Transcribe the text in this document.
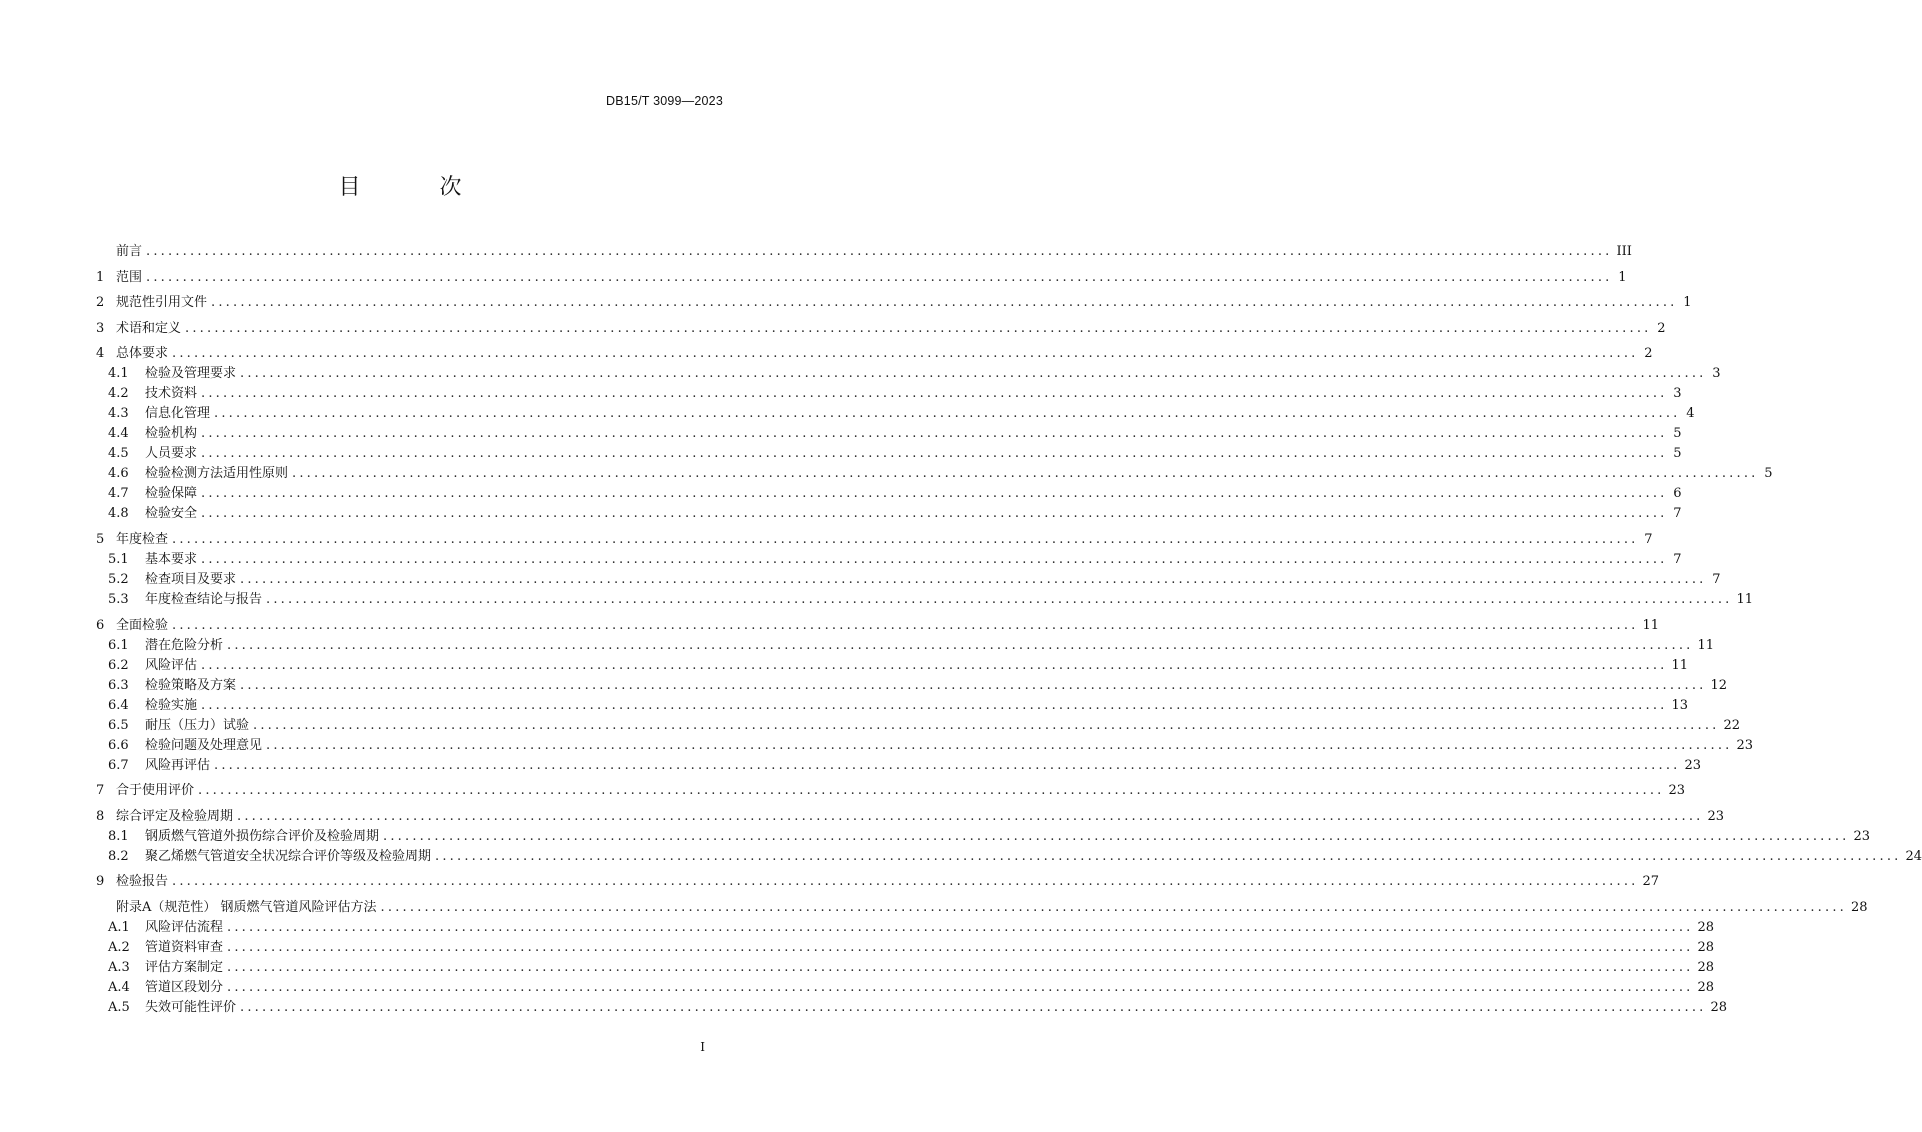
DB15/T 3099—2023
目 次
前言 ........................................................................................................................................................................................................ III
1 范围 ........................................................................................................................................................................................................ 1
2 规范性引用文件 ........................................................................................................................................................................................................ 1
3 术语和定义 ........................................................................................................................................................................................................ 2
4 总体要求 ........................................................................................................................................................................................................ 2
4.1	检验及管理要求 ........................................................................................................................................................................................................ 3
4.2	技术资料 ........................................................................................................................................................................................................ 3
4.3	信息化管理 ........................................................................................................................................................................................................ 4
4.4	检验机构 ........................................................................................................................................................................................................ 5
4.5	人员要求 ........................................................................................................................................................................................................ 5
4.6	检验检测方法适用性原则 ........................................................................................................................................................................................................ 5
4.7	检验保障 ........................................................................................................................................................................................................ 6
4.8	检验安全 ........................................................................................................................................................................................................ 7
5 年度检查 ........................................................................................................................................................................................................ 7
5.1	基本要求 ........................................................................................................................................................................................................ 7
5.2	检查项目及要求 ........................................................................................................................................................................................................ 7
5.3	年度检查结论与报告 ........................................................................................................................................................................................................ 11
6 全面检验 ........................................................................................................................................................................................................ 11
6.1	潜在危险分析 ........................................................................................................................................................................................................ 11
6.2	风险评估 ........................................................................................................................................................................................................ 11
6.3	检验策略及方案 ........................................................................................................................................................................................................ 12
6.4	检验实施 ........................................................................................................................................................................................................ 13
6.5	耐压（压力）试验 ........................................................................................................................................................................................................ 22
6.6	检验问题及处理意见 ........................................................................................................................................................................................................ 23
6.7	风险再评估 ........................................................................................................................................................................................................ 23
7 合于使用评价 ........................................................................................................................................................................................................ 23
8 综合评定及检验周期 ........................................................................................................................................................................................................ 23
8.1	钢质燃气管道外损伤综合评价及检验周期 ........................................................................................................................................................................................................ 23
8.2	聚乙烯燃气管道安全状况综合评价等级及检验周期 ........................................................................................................................................................................................................ 24
9 检验报告 ........................................................................................................................................................................................................ 27
附录A（规范性） 钢质燃气管道风险评估方法 ........................................................................................................................................................................................................ 28
A.1	风险评估流程 ........................................................................................................................................................................................................ 28
A.2	管道资料审查 ........................................................................................................................................................................................................ 28
A.3	评估方案制定 ........................................................................................................................................................................................................ 28
A.4	管道区段划分 ........................................................................................................................................................................................................ 28
A.5	失效可能性评价 ........................................................................................................................................................................................................ 28
I
